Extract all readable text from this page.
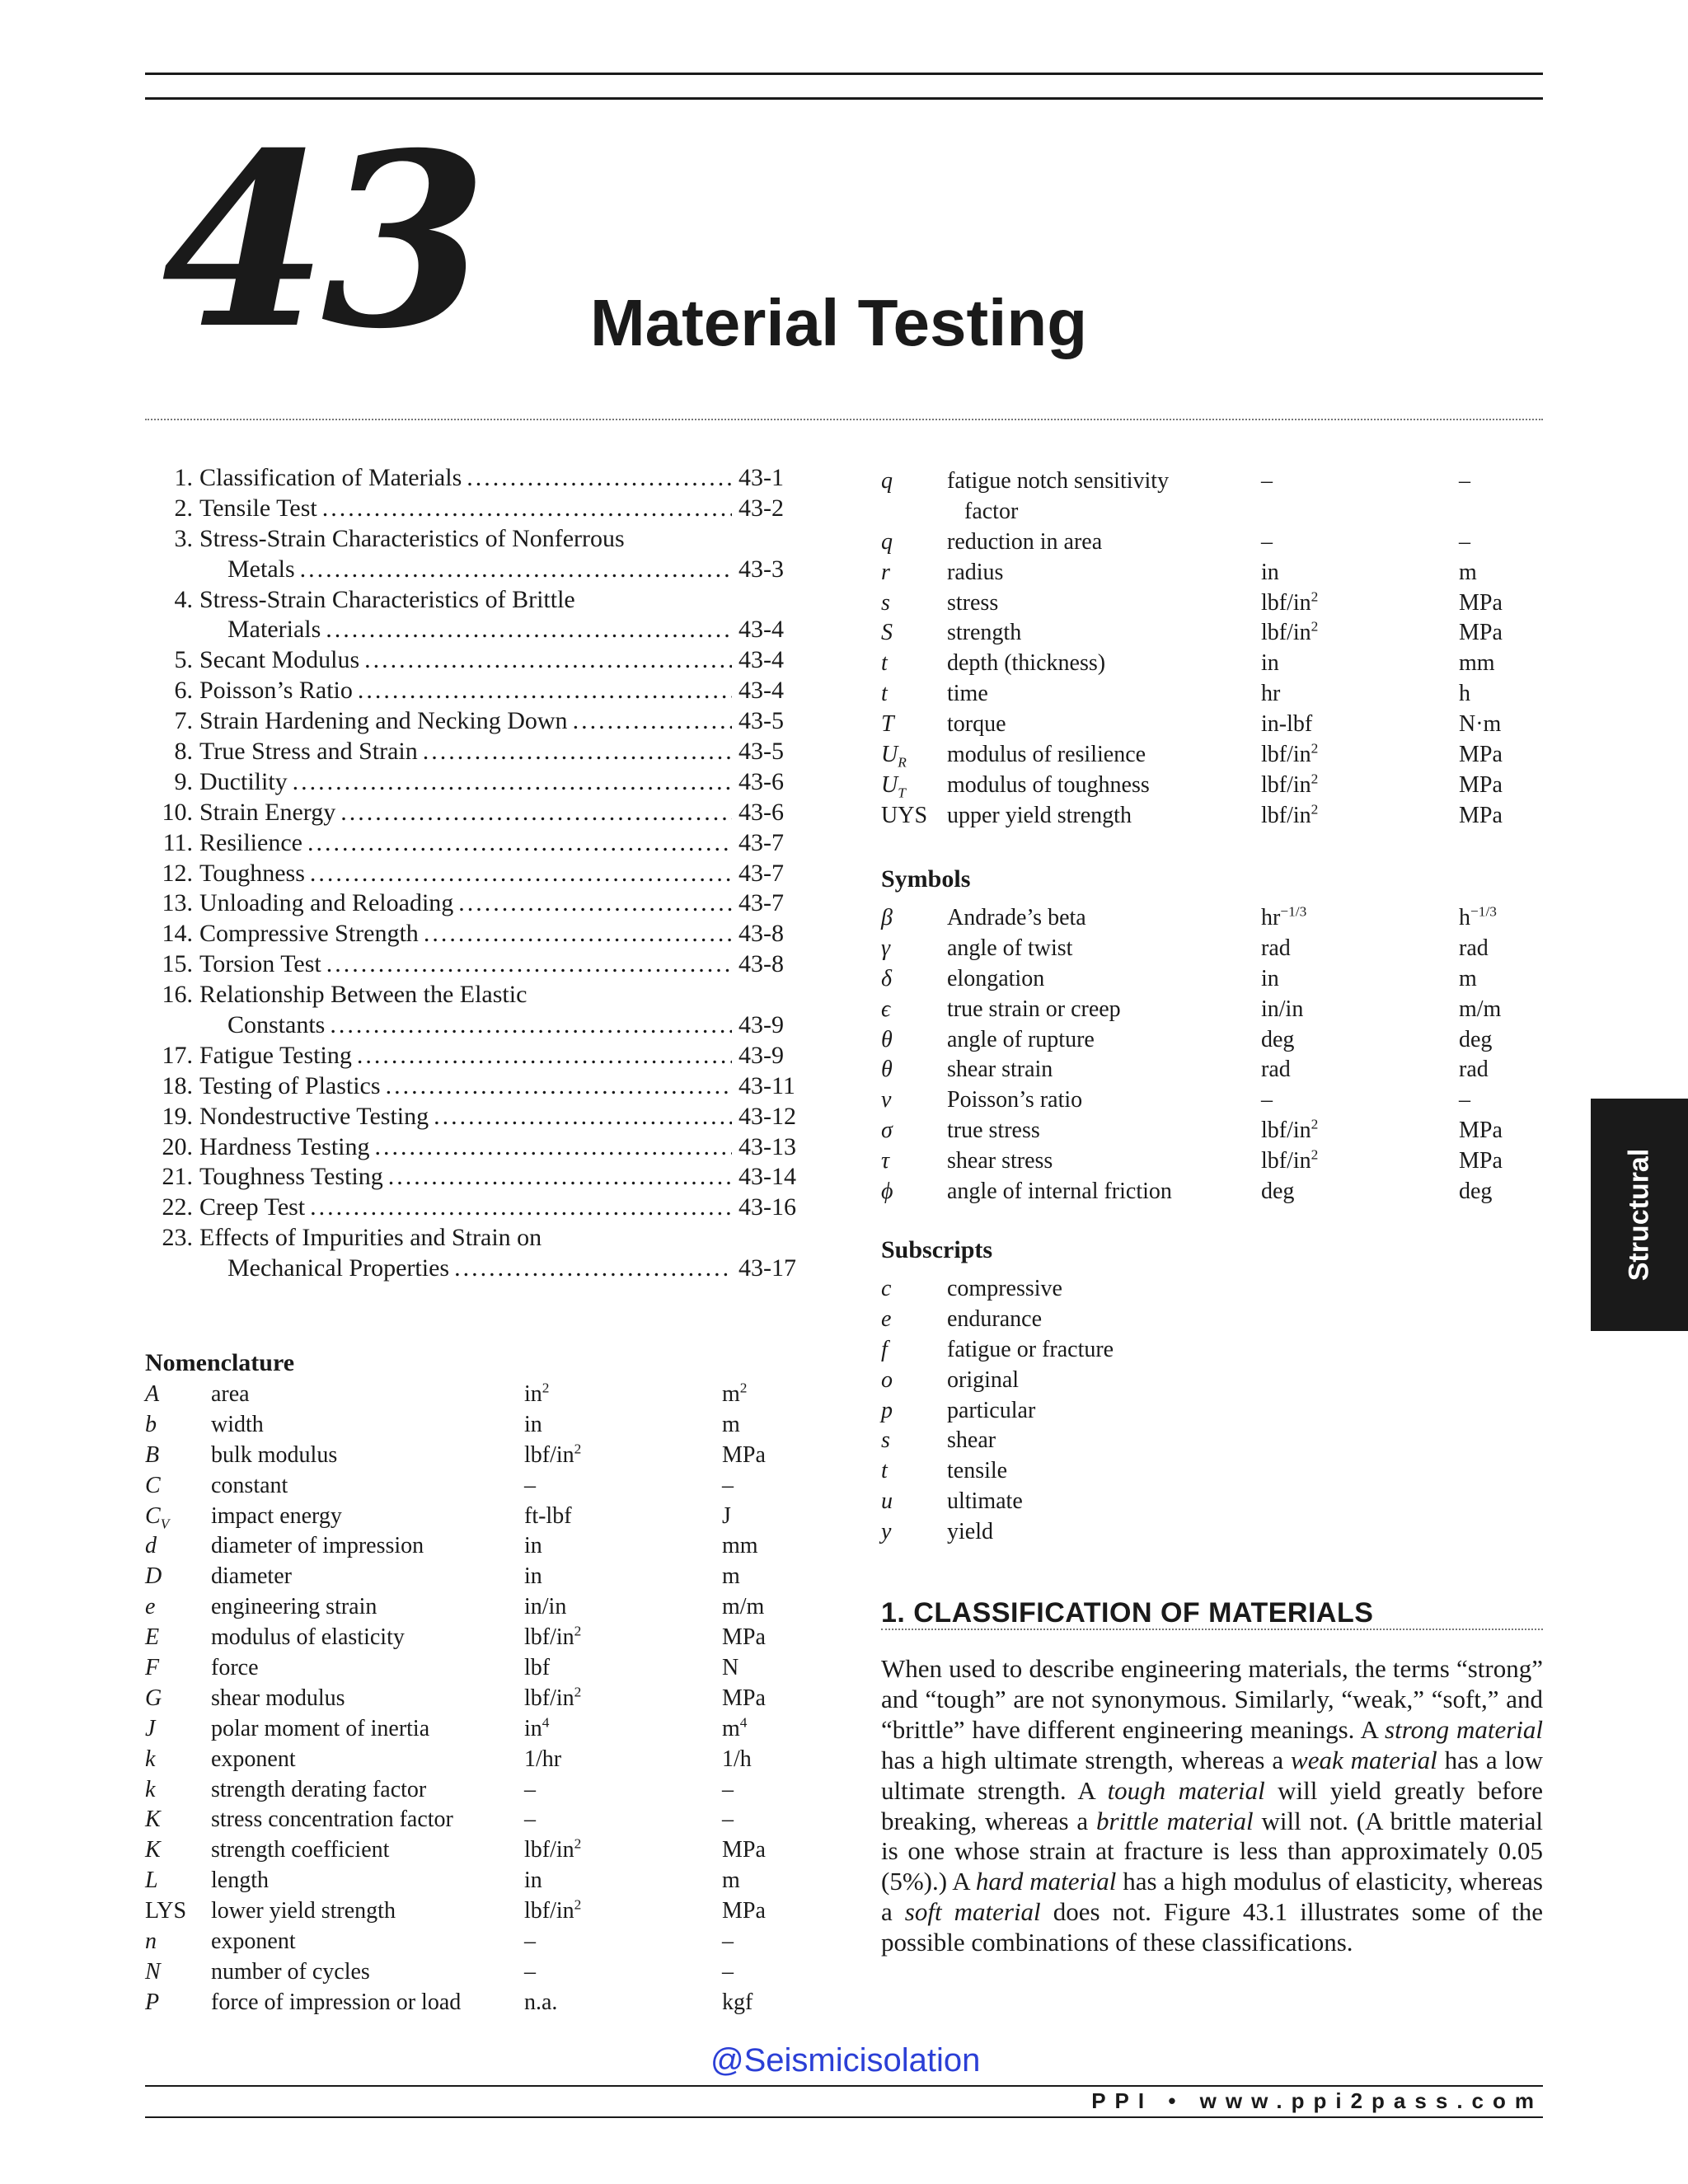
43 Material Testing
1. Classification of Materials .....	43-1
2. Tensile Test .....	43-2
3. Stress-Strain Characteristics of Nonferrous
Metals .....	43-3
4. Stress-Strain Characteristics of Brittle
Materials .....	43-4
5. Secant Modulus .....	43-4
6. Poisson’s Ratio .....	43-4
7. Strain Hardening and Necking Down .....	43-5
8. True Stress and Strain .....	43-5
9. Ductility .....	43-6
10. Strain Energy .....	43-6
11. Resilience .....	43-7
12. Toughness .....	43-7
13. Unloading and Reloading .....	43-7
14. Compressive Strength .....	43-8
15. Torsion Test .....	43-8
16. Relationship Between the Elastic
Constants .....	43-9
17. Fatigue Testing .....	43-9
18. Testing of Plastics .....	43-11
19. Nondestructive Testing .....	43-12
20. Hardness Testing .....	43-13
21. Toughness Testing .....	43-14
22. Creep Test .....	43-16
23. Effects of Impurities and Strain on
Mechanical Properties .....	43-17
Nomenclature
A area	$in^2$	$m^2$
b width	in	m
B bulk modulus	lbf/$in^2$	MPa
C constant	–	–
$C_V$ impact energy	ft-lbf	J
d diameter of impression	in	mm
D diameter	in	m
e engineering strain	in/in	m/m
E modulus of elasticity	lbf/$in^2$	MPa
F force	lbf	N
G shear modulus	lbf/$in^2$	MPa
J polar moment of inertia	$in^4$	$m^4$
k exponent	1/hr	1/h
k strength derating factor	–	–
K stress concentration factor	–	–
K strength coefficient	lbf/$in^2$	MPa
L length	in	m
LYS lower yield strength	lbf/$in^2$	MPa
n exponent	–	–
N number of cycles	–	–
P force of impression or load	n.a.	kgf
q fatigue notch sensitivity	–	–
factor
q reduction in area	–	–
r radius	in	m
s stress	lbf/$in^2$	MPa
S strength	lbf/$in^2$	MPa
t	depth (thickness)	in	mm
t	time	hr	h
T torque	in-lbf	N·m
$U_R$ modulus of resilience	lbf/$in^2$	MPa
$U_T$ modulus of toughness	lbf/$in^2$	MPa
UYS upper yield strength	lbf/$in^2$	MPa
Symbols
β Andrade’s beta	$hr^{-1/3}$	$h^{-1/3}$
γ angle of twist	rad	rad
δ elongation	in	m
ϵ true strain or creep	in/in	m/m
θ angle of rupture	deg	deg
θ shear strain	rad	rad
ν Poisson’s ratio	–	–
σ true stress	lbf/$in^2$	MPa
τ shear stress	lbf/$in^2$	MPa
ϕ angle of internal friction	deg	deg
Subscripts
c compressive
e endurance
f	fatigue or fracture
o original
p particular
s shear
t	tensile
u ultimate
y yield
1. CLASSIFICATION OF MATERIALS
When used to describe engineering materials, the terms “strong” and “tough” are not synonymous. Similarly, “weak,” “soft,” and “brittle” have different engineering meanings. A strong material has a high ultimate strength, whereas a weak material has a low ultimate strength. A tough material will yield greatly before breaking, whereas a brittle material will not. (A brittle material is one whose strain at fracture is less than approximately 0.05 (5%).) A hard material has a high modulus of elasticity, whereas a soft material does not. Figure 43.1 illustrates some of the possible combinations of these classifications.
Structural
@Seismicisolation
PPI • www.ppi2pass.com
